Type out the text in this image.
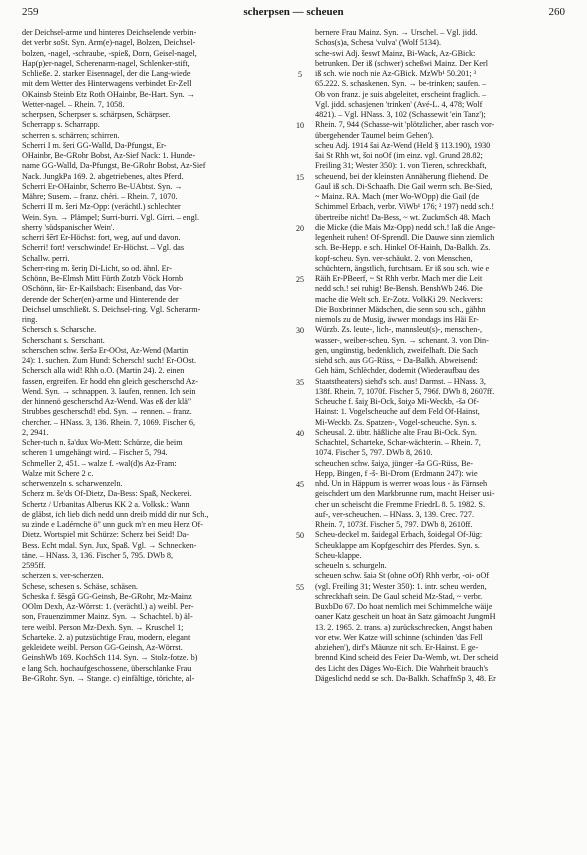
259	scherpsen — scheuen	260
der Deichsel-arme und hinteres Deichselende verbin-
det verbr soSt. Syn. Arm(e)-nagel, Bolzen, Deichsel-
bolzen, -nagel, -schraube, -spieß, Dorn, Geisel-nagel,
Hap(p)er-nagel, Scherenarm-nagel, Schlenker-stift,
Schließe. 2. starker Eisennagel, der die Lang-wiede
mit dem Wetter des Hinterwagens verbindet Er-Zell
OKainsb Steinb Etz Roth OHainbr, Be-Hart. Syn. →
Wetter-nagel. – Rhein. 7, 1058.
scherpsen, Scherpser s. schärpsen, Schärpser.
Scherrapp s. Scharrapp.
scherren s. schärren; schirren.
Scherri I m. šeri GG-Walld, Da-Pfungst, Er-
OHainbr, Be-GRohr Bobst, Az-Sief Nack: 1. Hunde-
name GG-Walld, Da-Pfungst, Be-GRohr Bobst, Az-Sief
Nack. JungkPa 169. 2. abgetriebenes, altes Pferd.
Scherri Er-OHainbr, Scherro Be-UAbtst. Syn. →
Mähre; Susem. – franz. chéri. – Rhein. 7, 1070.
Scherri II m. šeri Mz-Opp: (verächtl.) schlechter
Wein. Syn. → Plämpel; Surri-burri. Vgl. Girri. – engl.
sherry 'südspanischer Wein'.
scherri šērī Er-Höchst: fort, weg, auf und davon.
Scherri! fort! verschwinde! Er-Höchst. – Vgl. das
Schallw. perri.
Scherr-ring m. šeriŋ Di-Licht, so od. ähnl. Er-
Schönn, Be-Elmsh Mitt Fürth Zotzb Vöck Hornb
OSchönn, šir- Er-Kailsbach: Eisenband, das Vor-
derende der Scher(en)-arme und Hinterende der
Deichsel umschließt. S. Deichsel-ring. Vgl. Scherarm-
ring.
Schersch s. Scharsche.
Scherschant s. Serschant.
scherschen schw. šeršə Er-OOst, Az-Wend (Martin
24): 1. suchen. Zum Hund: Schersch! such! Er-OOst.
Schersch alla wid! Rhh o.O. (Martin 24). 2. einen
fassen, ergreifen. Er hodd ehn gleich gescherschd Az-
Wend. Syn. → schnappen. 3. laufen, rennen. Ich sein
der hinnenö gescherschd Az-Wend. Was eß der klä"
Strubbes gescherschd! ebd. Syn. → rennen. – franz.
chercher. – HNass. 3, 136. Rhein. 7, 1069. Fischer 6,
2, 2941.
Scher-tuch n. šə'dux Wo-Mett: Schürze, die beim
scheren 1 umgehängt wird. – Fischer 5, 794.
Schmeller 2, 451. – walze f. -wal(d)s Az-Fram:
Walze mit Schere 2 c.
scherwenzeln s. scharwenzeln.
Scherz m. še'ds Of-Dietz, Da-Bess: Spaß, Neckerei.
Schertz / Urbanitas Alberus KK 2 a. Volksk.: Wann
de gläbst, ich lieb dich nedd unn dreib midd dir nur Sch.,
su zinde e Ladérnche ö" unn guck m'r en meu Herz Of-
Dietz. Wortspiel mit Schürze: Scherz bei Seid! Da-
Bess. Echt mdal. Syn. Jux, Spaß. Vgl. → Schnecken-
täne. – HNass. 3, 136. Fischer 5, 795. DWb 8,
2595ff.
scherzen s. ver-scherzen.
Schese, schesen s. Schäse, schäsen.
Scheska f. šēsgā GG-Geinsh, Be-GRohr, Mz-Mainz
OOlm Dexh, Az-Wörrst: 1. (verächtl.) a) weibl. Per-
son, Frauenzimmer Mainz. Syn. → Schachtel. b) äl-
tere weibl. Person Mz-Dexh. Syn. → Kruschel 1;
Scharteke. 2. a) putzsüchtige Frau, modern, elegant
gekleidete weibl. Person GG-Geinsh, Az-Wörrst.
GeinshWb 169. KochSch 114. Syn. → Stolz-fotze. b)
e lang Sch. hochaufgeschossene, überschlanke Frau
Be-GRohr. Syn. → Stange. c) einfältige, törichte, al-
5
10
15
20
25
30
35
40
45
50
55
bernere Frau Mainz. Syn. → Urschel. – Vgl. jidd.
Schos(s)a, Schesa 'vulva' (Wolf 5134).
sche-swi Adj. šeswī Mainz, Bi-Wack, Az-GBick:
betrunken. Der iß (schwer) scheßwi Mainz. Der Kerl
iß sch. wie noch nie Az-GBick. MzWb¹ 50.201; ³
65.222. S. schaskenen. Syn. → be-trinken; saufen. –
Ob von franz. je suis abgeleitet, erscheint fraglich. –
Vgl. jidd. schasjenen 'trinken' (Avé-L. 4, 478; Wolf
4821). – Vgl. HNass. 3, 102 (Schassewit 'ein Tanz');
Rhein. 7, 944 (Schasse-wit 'plötzlicher, aber rasch vor-
übergehender Taumel beim Gehen').
scheu Adj. 1914 šai Az-Wend (Held § 113.190), 1930
šai St Rhh wt, šoi noOf (im einz. vgl. Grund 28.82;
Freiling 31; Wester 350): 1. von Tieren, schreckhaft,
scheuend, bei der kleinsten Annäherung fliehend. De
Gaul iß sch. Di-Schaafh. Die Gail werrn sch. Be-Sied,
~ Mainz. RA. Mach (mer Wo-WOpp) die Gail (de
Schimmel Erbach, verbr. ViWb¹ 176; ² 197) nedd sch.!
übertreibe nicht! Da-Bess, ~ wt. ZuckmSch 48. Mach
die Micke (die Mais Mz-Opp) nedd sch.! laß die Ange-
legenheit ruhen! Of-Sprendl. Die Dauwe sinn ziemlich
sch. Be-Hepp. e sch. Hinkel Of-Hainh, Da-Balkh. Zs.
kopf-scheu. Syn. ver-schäukt. 2. von Menschen,
schüchtern, ängstlich, furchtsam. Er iß sou sch. wie e
Räih Er-PBeerf, ~ St Rhh verbr. Mach mer die Leit
nedd sch.! sei ruhig! Be-Bensh. BenshWb 246. Die
mache die Welt sch. Er-Zotz. VolkKi 29. Neckvers:
Die Boxbrinner Mädschen, die senn sou sch., gähhn
niemols zu de Musig, äwwer mondags ins Häi Er-
Würzb. Zs. leute-, lich-, mannsleut(s)-, menschen-,
wasser-, weiber-scheu. Syn. → schenant. 3. von Din-
gen, ungünstig, bedenklich, zweifelhaft. Die Sach
siehd sch. aus GG-Rüss, ~ Da-Balkh. Abweisend:
Geh häm, Schlèchder, dodemit (Wiederaufbau des
Staatstheaters) siehd's sch. aus! Darmst. – HNass. 3,
138f. Rhein. 7, 1070f. Fischer 5, 796f. DWb 8, 2607ff.
Scheuche f. šaiχ Bi-Ock, šoiχə Mi-Weckb, -šə Of-
Hainst: 1. Vogelscheuche auf dem Feld Of-Hainst,
Mi-Weckb. Zs. Spatzen-, Vogel-scheuche. Syn. s.
Scheusal. 2. übtr. häßliche alte Frau Bi-Ock. Syn.
Schachtel, Scharteke, Schar-wächterin. – Rhein. 7,
1074. Fischer 5, 797. DWb 8, 2610.
scheuchen schw. šaiχə, jünger -šə GG-Rüss, Be-
Hepp, Bingen, f -š- Bi-Drom (Erdmann 247): wie
nhd. Un in Häppum is werrer woas lous - äs Färnseh
geischdert um den Markbrunne rum, macht Heiser usi-
cher un scheischt die Fremme FriedrL 8. 5. 1982. S.
auf-, ver-scheuchen. – HNass. 3, 139. Crec. 727.
Rhein. 7, 1073f. Fischer 5, 797. DWb 8, 2610ff.
Scheu-deckel m. šaidegəl Erbach, šoidegəl Of-Jüg:
Scheuklappe am Kopfgeschirr des Pferdes. Syn. s.
Scheu-klappe.
scheueln s. schurgeln.
scheuen schw. šaiə St (ohne oOf) Rhh verbr, -oi- oOf
(vgl. Freiling 31; Wester 350): 1. intr. scheu werden,
schreckhaft sein. De Gaul scheid Mz-Stad, ~ verbr.
BuxbDo 67. Do hoat nemlich mei Schimmelche wäije
oaner Katz gescheit un hoat än Satz gämoacht JungmH
13. 2. 1965. 2. trans. a) zurückschrecken, Angst haben
vor etw. Wer Katze will schinne (schinden 'das Fell
abziehen'), dirf's Mäunze nit sch. Er-Hainst. E ge-
brennd Kind scheid des Feier Da-Wemb, wt. Der scheid
des Licht des Däges Wo-Eich. Die Wahrheit brauch's
Dägeslichd nedd se sch. Da-Balkh. SchaffnSp 3, 48. Er
